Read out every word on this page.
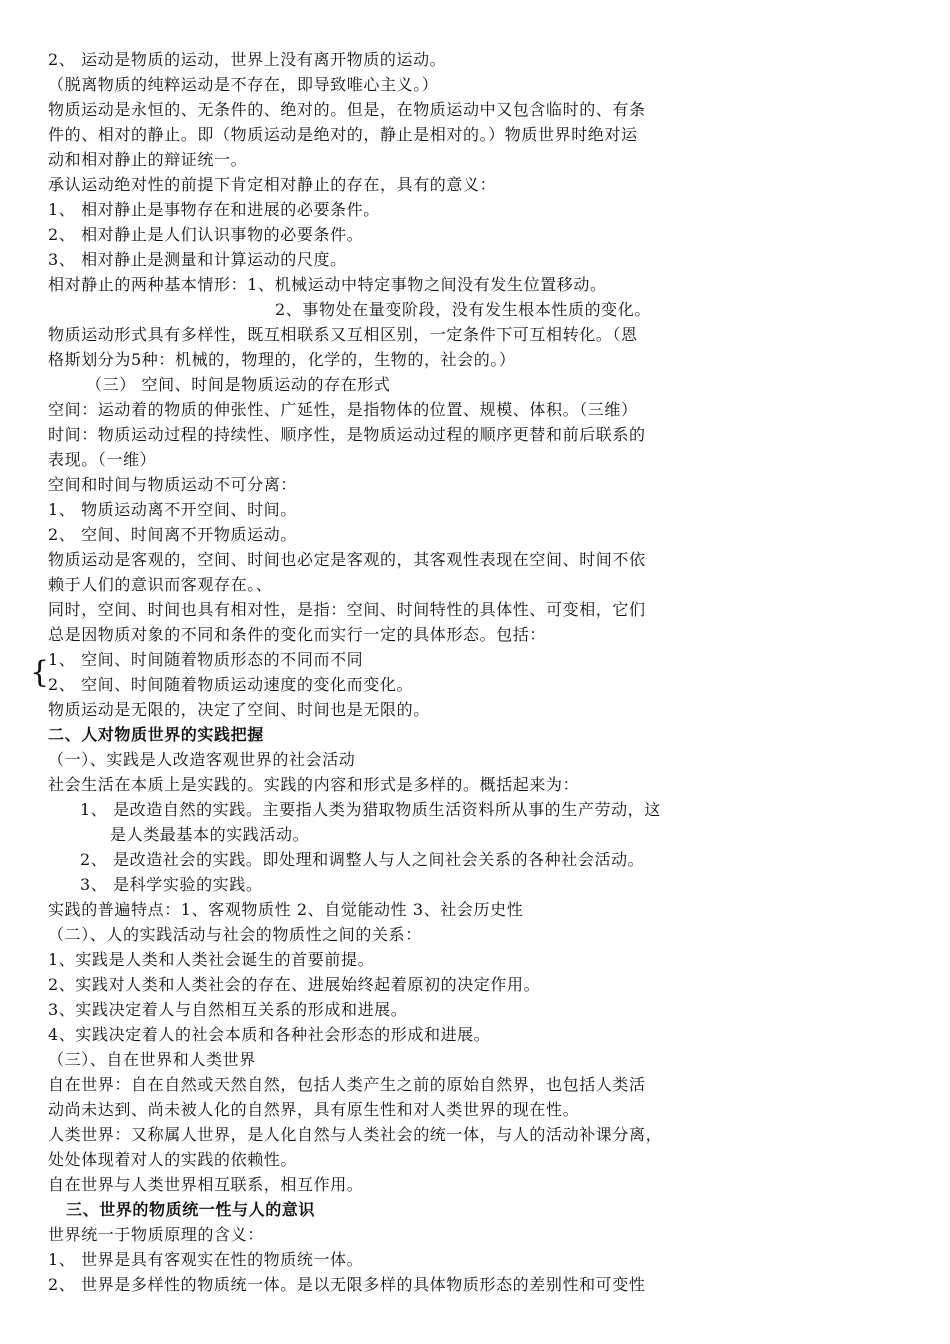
{
2、 运动是物质的运动，世界上没有离开物质的运动。
（脱离物质的纯粹运动是不存在，即导致唯心主义。）
物质运动是永恒的、无条件的、绝对的。但是，在物质运动中又包含临时的、有条
件的、相对的静止。即（物质运动是绝对的，静止是相对的。）物质世界时绝对运
动和相对静止的辩证统一。
承认运动绝对性的前提下肯定相对静止的存在，具有的意义：
1、 相对静止是事物存在和进展的必要条件。
2、 相对静止是人们认识事物的必要条件。
3、 相对静止是测量和计算运动的尺度。
相对静止的两种基本情形：1、机械运动中特定事物之间没有发生位置移动。
2、事物处在量变阶段，没有发生根本性质的变化。
物质运动形式具有多样性，既互相联系又互相区别，一定条件下可互相转化。（恩
格斯划分为5种：机械的，物理的，化学的，生物的，社会的。）
（三） 空间、时间是物质运动的存在形式
空间：运动着的物质的伸张性、广延性，是指物体的位置、规模、体积。（三维）
时间：物质运动过程的持续性、顺序性，是物质运动过程的顺序更替和前后联系的
表现。（一维）
空间和时间与物质运动不可分离：
1、 物质运动离不开空间、时间。
2、 空间、时间离不开物质运动。
物质运动是客观的，空间、时间也必定是客观的，其客观性表现在空间、时间不依
赖于人们的意识而客观存在。、
同时，空间、时间也具有相对性，是指：空间、时间特性的具体性、可变相，它们
总是因物质对象的不同和条件的变化而实行一定的具体形态。包括：
1、 空间、时间随着物质形态的不同而不同
2、 空间、时间随着物质运动速度的变化而变化。
物质运动是无限的，决定了空间、时间也是无限的。
二、人对物质世界的实践把握
（一）、实践是人改造客观世界的社会活动
社会生活在本质上是实践的。实践的内容和形式是多样的。概括起来为：
1、 是改造自然的实践。主要指人类为猎取物质生活资料所从事的生产劳动，这
是人类最基本的实践活动。
2、 是改造社会的实践。即处理和调整人与人之间社会关系的各种社会活动。
3、 是科学实验的实践。
实践的普遍特点：1、客观物质性 2、自觉能动性 3、社会历史性
（二）、人的实践活动与社会的物质性之间的关系：
1、实践是人类和人类社会诞生的首要前提。
2、实践对人类和人类社会的存在、进展始终起着原初的决定作用。
3、实践决定着人与自然相互关系的形成和进展。
4、实践决定着人的社会本质和各种社会形态的形成和进展。
（三）、自在世界和人类世界
自在世界：自在自然或天然自然，包括人类产生之前的原始自然界，也包括人类活
动尚未达到、尚未被人化的自然界，具有原生性和对人类世界的现在性。
人类世界：又称属人世界，是人化自然与人类社会的统一体，与人的活动补课分离，
处处体现着对人的实践的依赖性。
自在世界与人类世界相互联系，相互作用。
三、世界的物质统一性与人的意识
世界统一于物质原理的含义：
1、 世界是具有客观实在性的物质统一体。
2、 世界是多样性的物质统一体。是以无限多样的具体物质形态的差别性和可变性
